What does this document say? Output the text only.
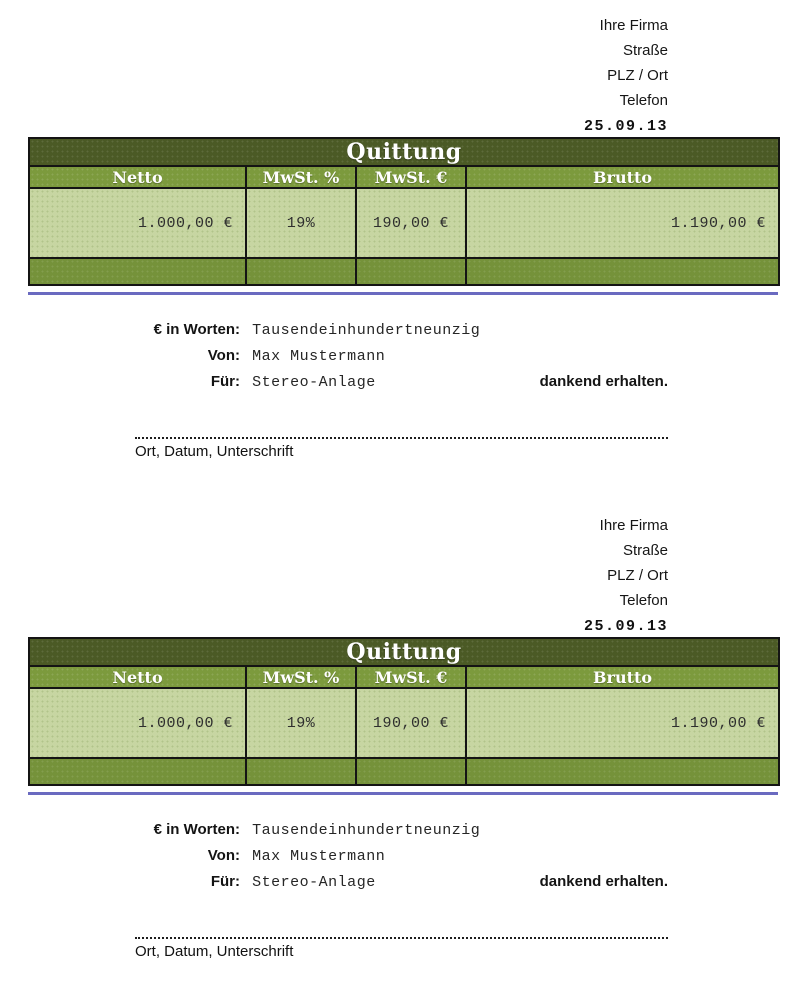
Ihre Firma
Straße
PLZ / Ort
Telefon
25.09.13
Quittung			
Netto	MwSt. %	MwSt. €	Brutto
1.000,00 €	19%	190,00 €	1.190,00 €

€ in Worten: Tausendeinhundertneunzig
Von: Max Mustermann
Für: Stereo-Anlage	dankend erhalten.
Ort, Datum, Unterschrift
Ihre Firma
Straße
PLZ / Ort
Telefon
25.09.13
Quittung			
Netto	MwSt. %	MwSt. €	Brutto
1.000,00 €	19%	190,00 €	1.190,00 €

€ in Worten: Tausendeinhundertneunzig
Von: Max Mustermann
Für: Stereo-Anlage	dankend erhalten.
Ort, Datum, Unterschrift
